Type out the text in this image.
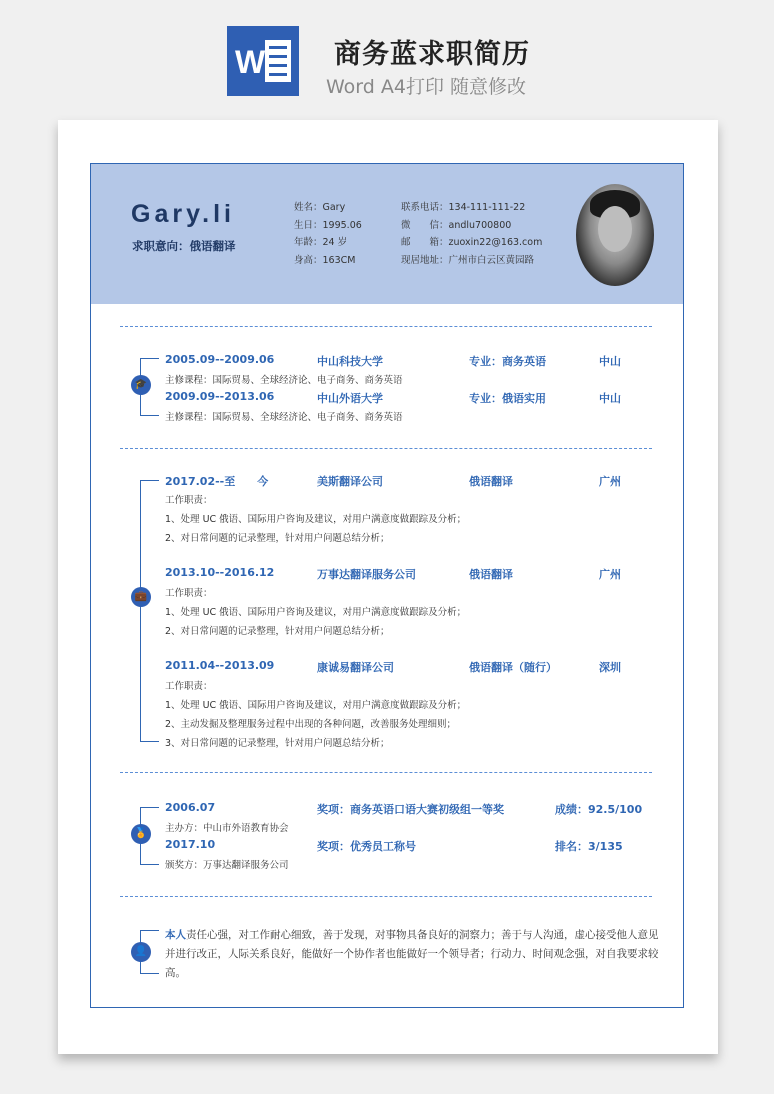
W	商务蓝求职简历
Word A4打印 随意修改
Gary.li
求职意向：俄语翻译
姓名：Gary
生日：1995.06
年龄：24 岁
身高：163CM
联系电话：134-111-111-22
微　　信：andlu700800
邮　　箱：zuoxin22@163.com
现居地址：广州市白云区黄园路
🎓
2005.09--2009.06	中山科技大学	专业：商务英语	中山
主修课程：国际贸易、全球经济论、电子商务、商务英语
2009.09--2013.06	中山外语大学	专业：俄语实用	中山
主修课程：国际贸易、全球经济论、电子商务、商务英语
💼
2017.02--至　　今	美斯翻译公司	俄语翻译	广州
工作职责：
1、处理 UC 俄语、国际用户咨询及建议，对用户满意度做跟踪及分析；
2、对日常问题的记录整理，针对用户问题总结分析；
2013.10--2016.12	万事达翻译服务公司	俄语翻译	广州
工作职责：
1、处理 UC 俄语、国际用户咨询及建议，对用户满意度做跟踪及分析；
2、对日常问题的记录整理，针对用户问题总结分析；
2011.04--2013.09	康诚易翻译公司	俄语翻译（随行）	深圳
工作职责：
1、处理 UC 俄语、国际用户咨询及建议，对用户满意度做跟踪及分析；
2、主动发掘及整理服务过程中出现的各种问题，改善服务处理细则；
3、对日常问题的记录整理，针对用户问题总结分析；
🏅
2006.07	奖项：商务英语口语大赛初级组一等奖	成绩：92.5/100
主办方：中山市外语教育协会
2017.10	奖项：优秀员工称号	排名：3/135
颁奖方：万事达翻译服务公司
👤
本人责任心强，对工作耐心细致，善于发现，对事物具备良好的洞察力；善于与人沟通，虚心接受他人意见并进行改正，人际关系良好，能做好一个协作者也能做好一个领导者；行动力、时间观念强，对自我要求较高。
